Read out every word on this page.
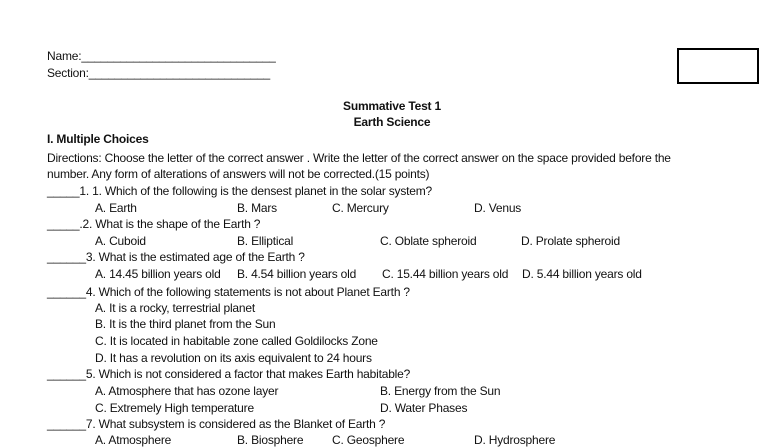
Name:______________________________
Section:____________________________
Summative Test 1
Earth Science
I. Multiple Choices
Directions: Choose the letter of the correct answer . Write the letter of the correct answer on the space provided before the
number. Any form of alterations of answers will not be corrected.(15 points)
_____1. 1. Which of the following is the densest planet in the solar system?
A. Earth	B. Mars	C. Mercury	D. Venus
_____.2. What is the shape of the Earth ?
A. Cuboid	B. Elliptical	C. Oblate spheroid	D. Prolate spheroid
______3. What is the estimated age of the Earth ?
A. 14.45 billion years old B. 4.54 billion years old C. 15.44 billion years old D. 5.44 billion years old
______4. Which of the following statements is not about Planet Earth ?
A. It is a rocky, terrestrial planet
B. It is the third planet from the Sun
C. It is located in habitable zone called Goldilocks Zone
D. It has a revolution on its axis equivalent to 24 hours
______5. Which is not considered a factor that makes Earth habitable?
A. Atmosphere that has ozone layer	B. Energy from the Sun
C. Extremely High temperature	D. Water Phases
______7. What subsystem is considered as the Blanket of Earth ?
A. Atmosphere	B. Biosphere C. Geosphere	D. Hydrosphere
